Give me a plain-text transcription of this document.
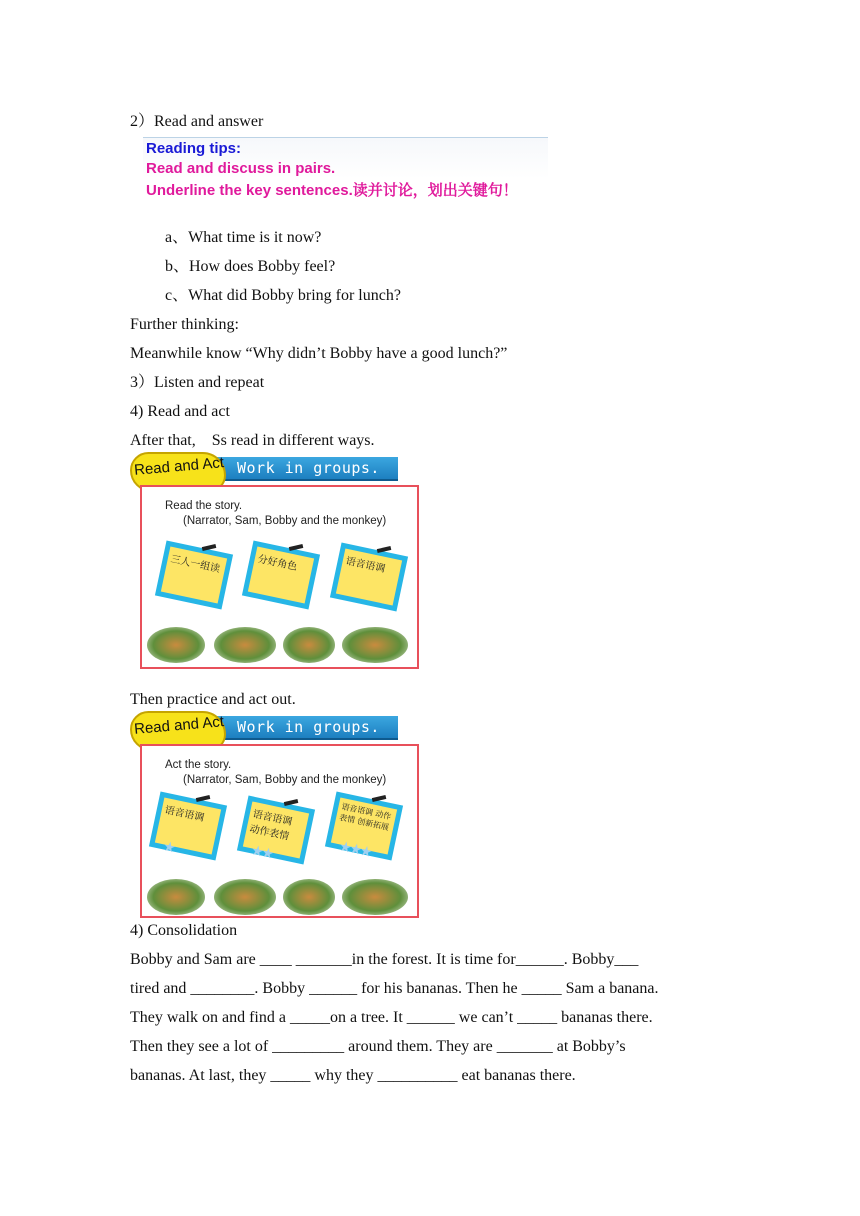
2）Read and answer
Reading tips:
Read and discuss in pairs.
Underline the key sentences.读并讨论，划出关键句！
a、What time is it now?
b、How does Bobby feel?
c、What did Bobby bring for lunch?
Further thinking:
Meanwhile know “Why didn’t Bobby have a good lunch?”
3）Listen and repeat
4) Read and act
After that,    Ss read in different ways.
Work in groups.
Read and Act
Read the story.
(Narrator, Sam, Bobby and the monkey)
三人一组读	分好角色	语音语调
Then practice and act out.
Work in groups.
Read and Act
Act the story.
(Narrator, Sam, Bobby and the monkey)
语音语调
★
语音语调 动作表情
★★
语音语调 动作表情 创新拓展
★★★
4) Consolidation
Bobby and Sam are ____ _______in the forest. It is time for______. Bobby___
tired and ________. Bobby ______ for his bananas. Then he _____ Sam a banana.
They walk on and find a _____on a tree. It ______ we can’t _____ bananas there.
Then they see a lot of _________ around them. They are _______ at Bobby’s
bananas. At last, they _____ why they __________ eat bananas there.
